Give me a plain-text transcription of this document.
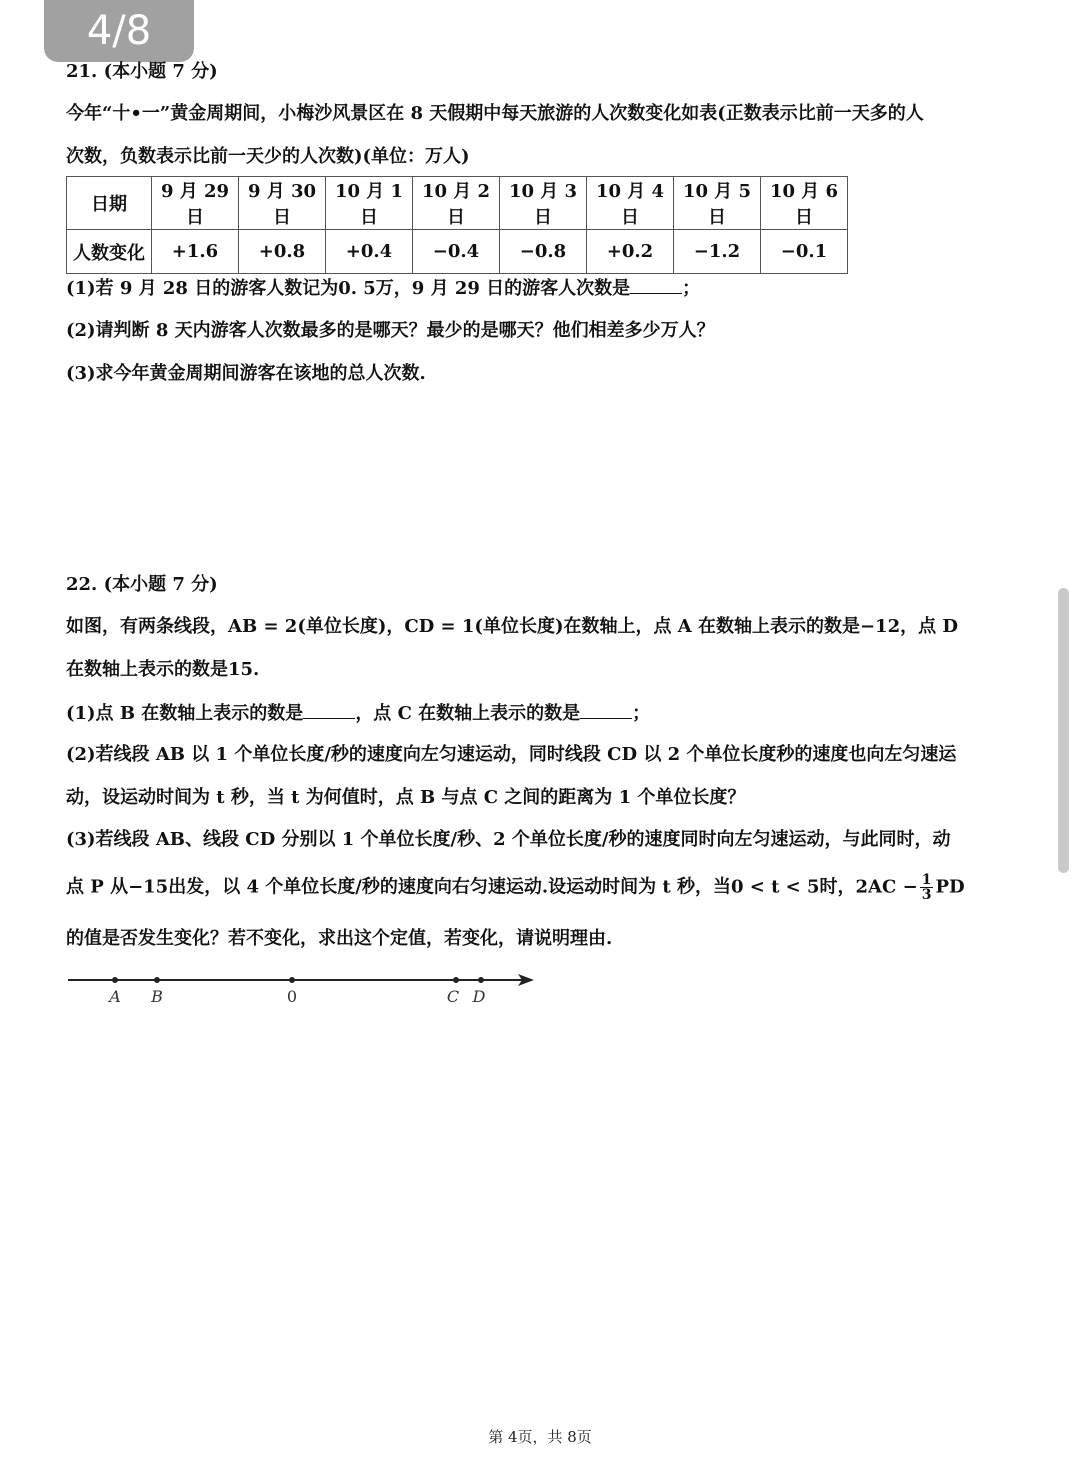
4/8
21. (本小题 7 分)
今年“十•一”黄金周期间，小梅沙风景区在 8 天假期中每天旅游的人次数变化如表(正数表示比前一天多的人
次数，负数表示比前一天少的人次数)(单位：万人)
日期	9 月 29 日	9 月 30 日	10 月 1 日	10 月 2 日	10 月 3 日	10 月 4 日	10 月 5 日	10 月 6 日
人数变化	+1.6	+0.8	+0.4	−0.4	−0.8	+0.2	−1.2	−0.1
(1)若 9 月 28 日的游客人数记为0. 5万，9 月 29 日的游客人次数是	；
(2)请判断 8 天内游客人次数最多的是哪天？最少的是哪天？他们相差多少万人？
(3)求今年黄金周期间游客在该地的总人次数.
22. (本小题 7 分)
如图，有两条线段，AB = 2(单位长度)，CD = 1(单位长度)在数轴上，点 A 在数轴上表示的数是−12，点 D
在数轴上表示的数是15.
(1)点 B 在数轴上表示的数是	，点 C 在数轴上表示的数是	；
(2)若线段 AB 以 1 个单位长度/秒的速度向左匀速运动，同时线段 CD 以 2 个单位长度秒的速度也向左匀速运
动，设运动时间为 t 秒，当 t 为何值时，点 B 与点 C 之间的距离为 1 个单位长度？
(3)若线段 AB、线段 CD 分别以 1 个单位长度/秒、2 个单位长度/秒的速度同时向左匀速运动，与此同时，动
点 P 从−15出发，以 4 个单位长度/秒的速度向右匀速运动.设运动时间为 t 秒，当0 < t < 5时，$2AC - \frac{1}{3}$ PD
的值是否发生变化？若不变化，求出这个定值，若变化，请说明理由.
A B	0	C D
第 4页，共 8页
